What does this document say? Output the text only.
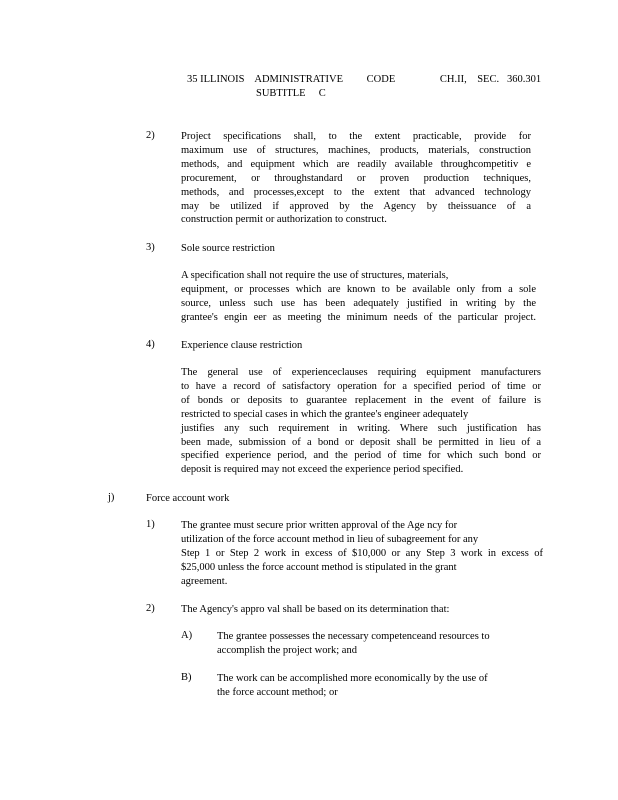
35 ILLINOIS    ADMINISTRATIVE         CODE                 CH.II,    SEC.   360.301
SUBTITLE     C
2)	Project specifications shall, to the extent practicable, provide for
maximum use of structures, machines, products, materials, construction
methods, and equipment which are readily available throughcompetitiv e
procurement, or throughstandard or proven production techniques,
methods, and processes,except to the extent that advanced technology
may be utilized if approved by the Agency by theissuance of a
construction permit or authorization to construct.
3)	Sole source restriction
A specification shall not require the use of structures, materials,
equipment, or processes which are known to be available only from a sole
source, unless such use has been adequately justified in writing by the
grantee's engin eer as meeting the minimum needs of the particular project.
4)	Experience clause restriction
The general use of experienceclauses requiring equipment manufacturers
to have a record of satisfactory operation for a specified period of time or
of bonds or deposits to guarantee replacement in the event of failure is
restricted to special cases in which the grantee's engineer adequately
justifies any such requirement in writing. Where such justification has
been made, submission of a bond or deposit shall be permitted in lieu of a
specified experience period, and the period of time for which such bond or
deposit is required may not exceed the experience period specified.
j)	Force account work
1)	The grantee must secure prior written approval of the Age ncy for
utilization of the force account method in lieu of subagreement for any
Step 1 or Step 2 work in excess of $10,000 or any Step 3 work in excess of
$25,000 unless the force account method is stipulated in the grant
agreement.
2)	The Agency's appro val shall be based on its determination that:
A) The grantee possesses the necessary competenceand resources to
accomplish the project work; and
B) The work can be accomplished more economically by the use of
the force account method; or
